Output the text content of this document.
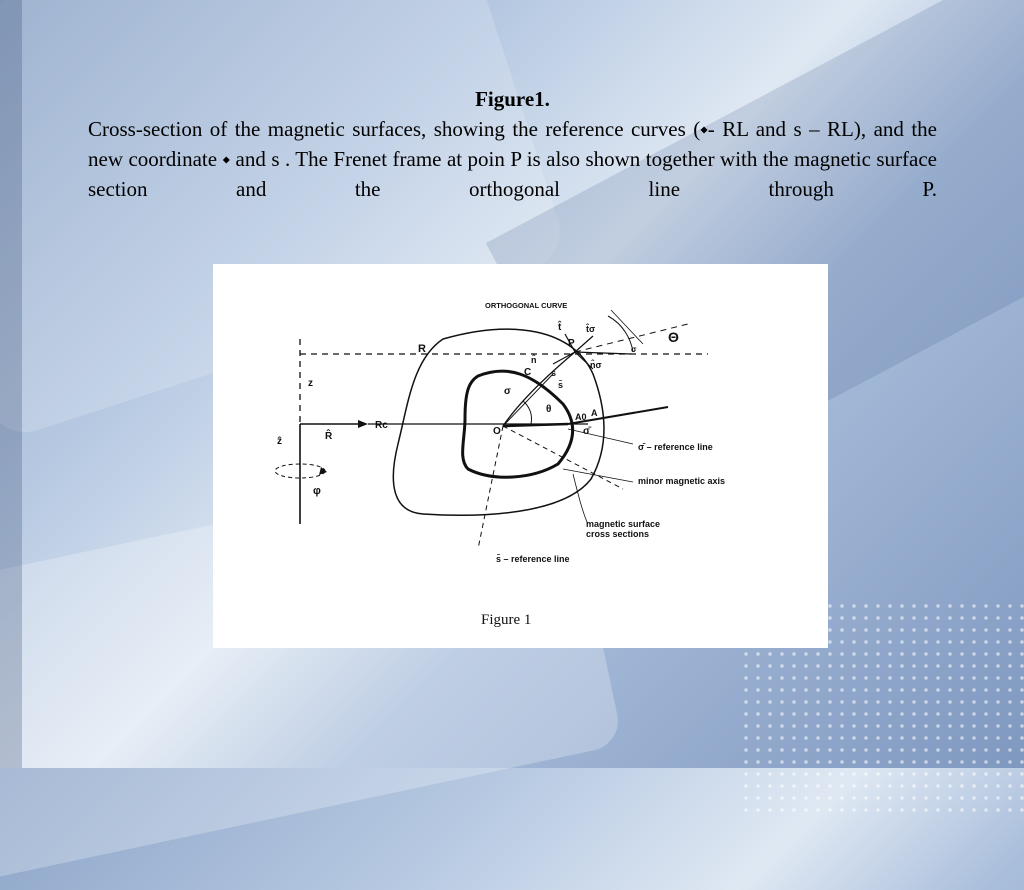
Figure1.
Cross-section of the magnetic surfaces, showing the reference curves (⬩- RL and s – RL), and the new coordinate ⬩ and s . The Frenet frame at poin P is also shown together with the magnetic surface section and the orthogonal line through P.
ORTHOGONAL CURVE
Θ
R	P
t̂	t̂σ
σ
n̂	n̂σ
C s
s̄
σ
θ
z
A0 A
O	σ̄
ẑ	R̂
Rc
φ
σ̄ – reference line
minor magnetic axis
magnetic surface
cross sections
s̄ – reference line
Figure 1
